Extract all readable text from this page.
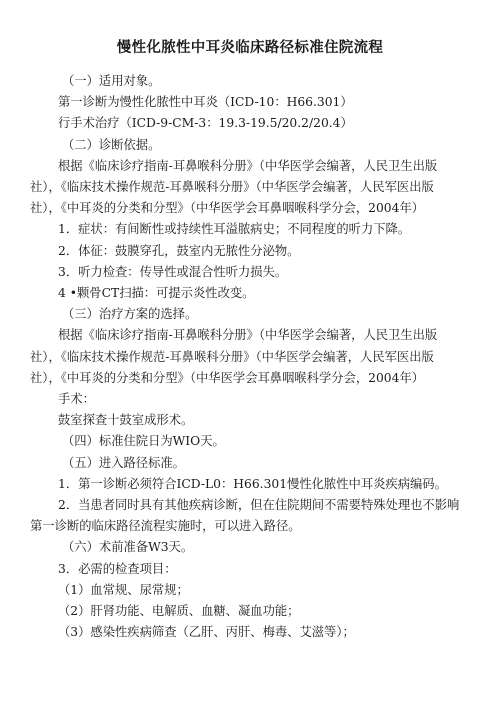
慢性化脓性中耳炎临床路径标准住院流程

（一）适用对象。

第一诊断为慢性化脓性中耳炎（ICD-10：H66.301）

行手术治疗（ICD-9-CM-3：19.3-19.5/20.2/20.4）

（二）诊断依据。

根据《临床诊疗指南-耳鼻喉科分册》（中华医学会编著，人民卫生出版

社），《临床技术操作规范-耳鼻喉科分册》（中华医学会编著，人民军医出版

社），《中耳炎的分类和分型》（中华医学会耳鼻咽喉科学分会，2004年）

1．症状：有间断性或持续性耳溢脓病史；不同程度的听力下降。

2．体征：鼓膜穿孔，鼓室内无脓性分泌物。

3．听力检查：传导性或混合性听力损失。

4 •颗骨CT扫描：可提示炎性改变。

（三）治疗方案的选择。

根据《临床诊疗指南-耳鼻喉科分册》（中华医学会编著，人民卫生出版

社），《临床技术操作规范-耳鼻喉科分册》（中华医学会编著，人民军医出版

社），《中耳炎的分类和分型》（中华医学会耳鼻咽喉科学分会，2004年）

手术：

鼓室探查十鼓室成形术。

（四）标准住院日为WIO天。

（五）进入路径标准。

1．第一诊断必须符合ICD-L0：H66.301慢性化脓性中耳炎疾病编码。

2．当患者同时具有其他疾病诊断，但在住院期间不需要特殊处理也不影响

第一诊断的临床路径流程实施时，可以进入路径。

（六）术前准备W3天。

3．必需的检查项目：

（1）血常规、尿常规；

（2）肝肾功能、电解质、血糖、凝血功能；

（3）感染性疾病筛查（乙肝、丙肝、梅毒、艾滋等）；
